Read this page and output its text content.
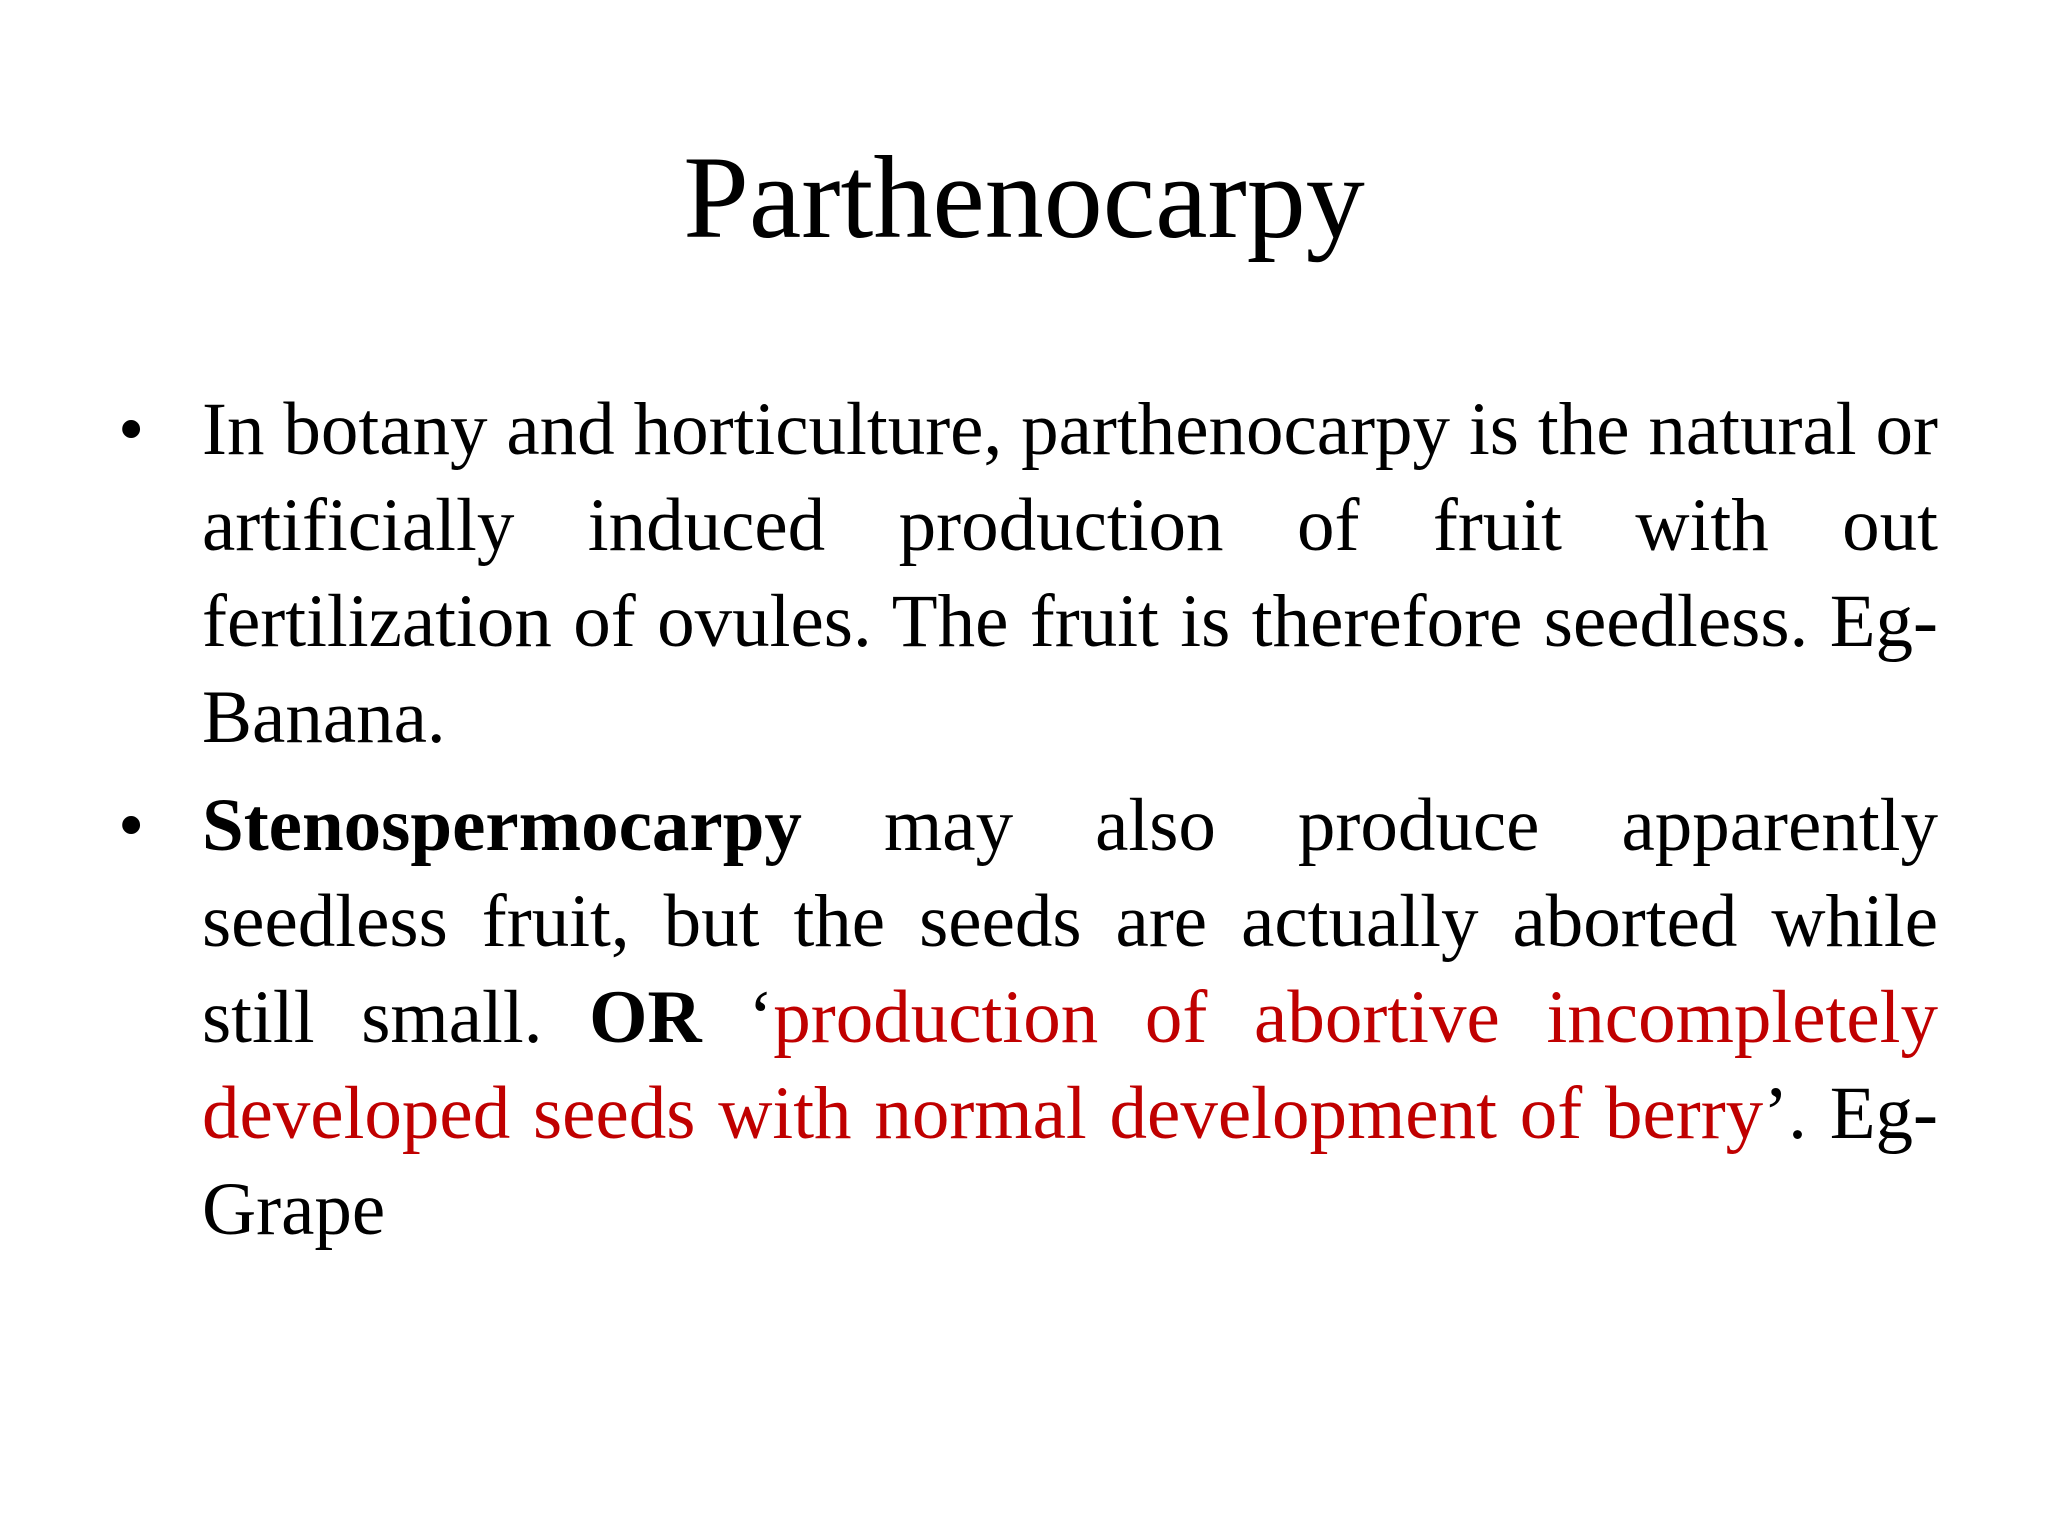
Parthenocarpy
• In botany and horticulture, parthenocarpy is the natural or artificially induced production of fruit with out fertilization of ovules. The fruit is therefore seedless. Eg- Banana.
• Stenospermocarpy may also produce apparently seedless fruit, but the seeds are actually aborted while still small. OR ‘production of abortive incompletely developed seeds with normal development of berry’. Eg- Grape
